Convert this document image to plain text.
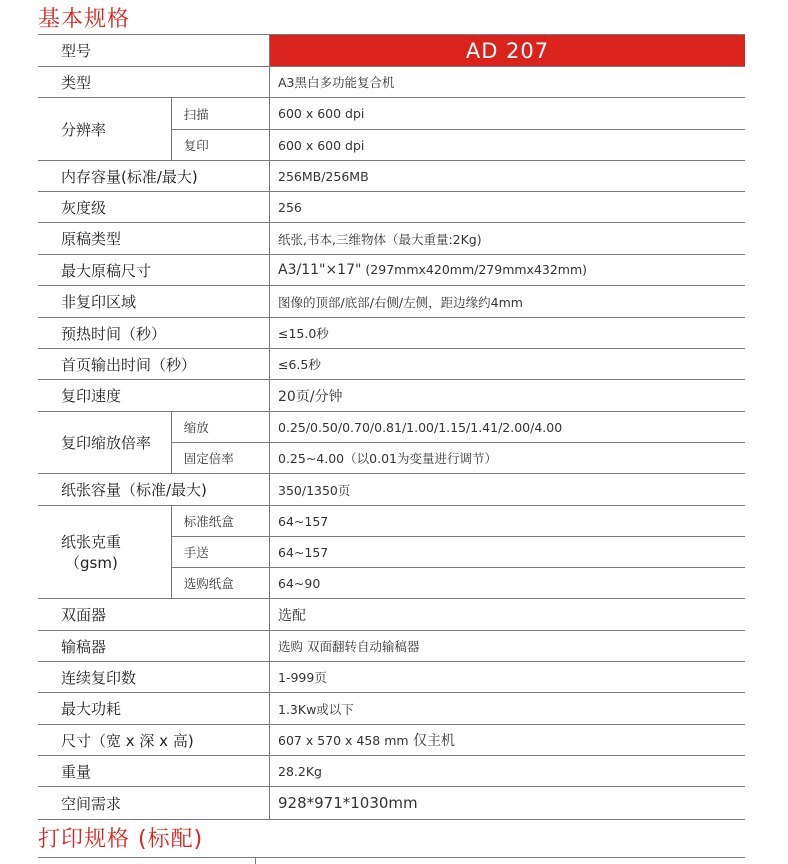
基本规格
型号		AD 207
类型		A3黑白多功能复合机
分辨率	扫描	600 x 600 dpi
	复印	600 x 600 dpi
内存容量(标准/最大)		256MB/256MB
灰度级		256
原稿类型		纸张,书本,三维物体（最大重量:2Kg)
最大原稿尺寸		A3/11"×17" (297mmx420mm/279mmx432mm)
非复印区域		图像的顶部/底部/右侧/左侧，距边缘约4mm
预热时间（秒）		≤15.0秒
首页输出时间（秒）		≤6.5秒
复印速度		20页/分钟
复印缩放倍率	缩放	0.25/0.50/0.70/0.81/1.00/1.15/1.41/2.00/4.00
	固定倍率	0.25~4.00（以0.01为变量进行调节）
纸张容量（标准/最大)		350/1350页

纸张克重
（gsm)	标准纸盒	64~157
	手送	64~157
	选购纸盒	64~90
双面器		选配
输稿器		选购 双面翻转自动输稿器
连续复印数		1-999页
最大功耗		1.3Kw或以下
尺寸（宽 x 深 x 高)		607 x 570 x 458 mm 仅主机
重量		28.2Kg
空间需求		928*971*1030mm
打印规格 (标配)
